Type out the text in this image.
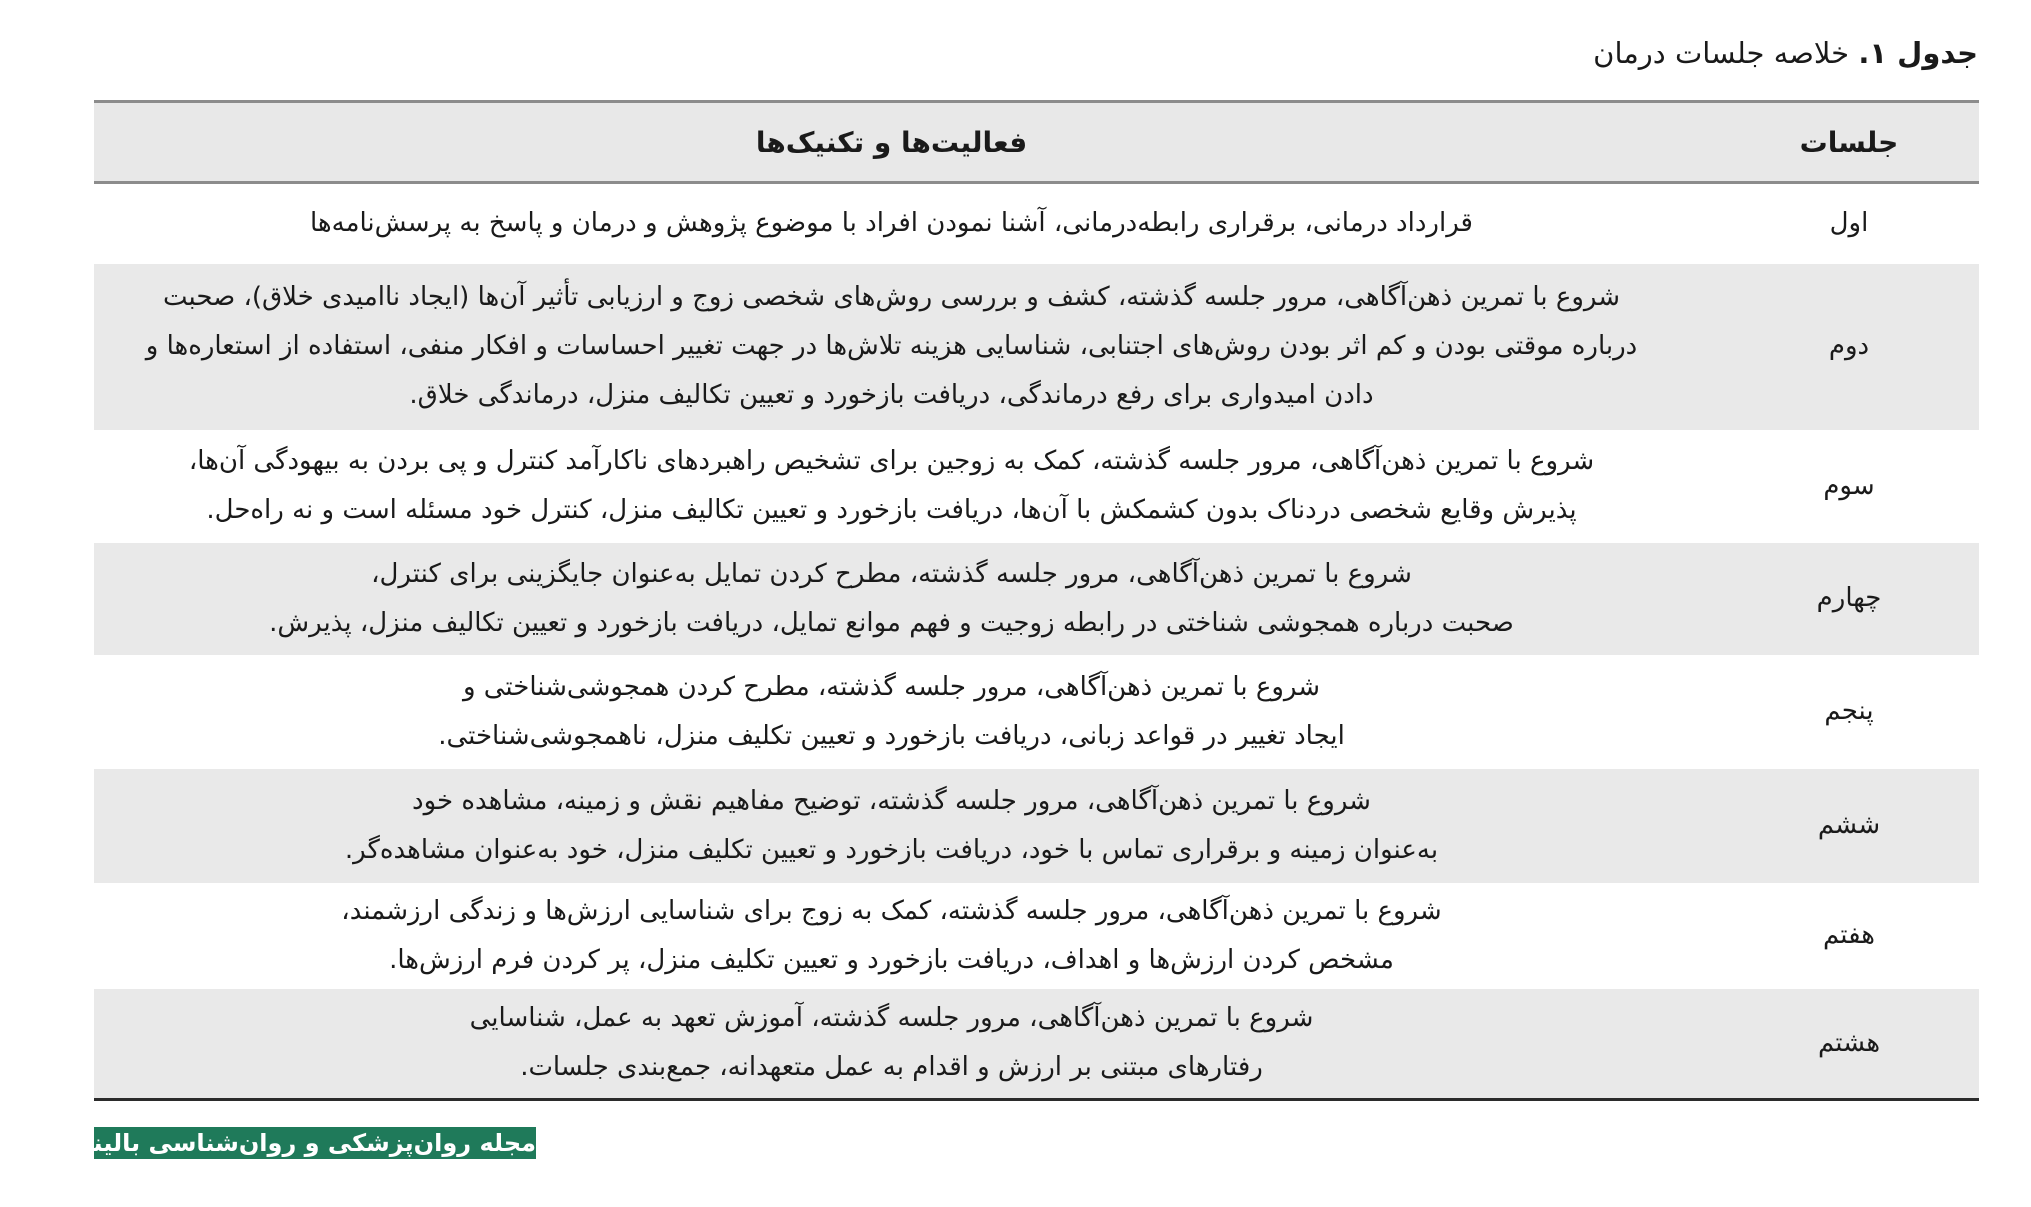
جدول ۱. خلاصه جلسات درمان
جلسات	فعالیت‌ها و تکنیک‌ها
اول	قرارداد درمانی، برقراری رابطه‌درمانی، آشنا نمودن افراد با موضوع پژوهش و درمان و پاسخ به پرسش‌نامه‌ها

دوم	شروع با تمرین ذهن‌آگاهی، مرور جلسه گذشته، کشف و بررسی روش‌های شخصی زوج و ارزیابی تأثیر آن‌ها (ایجاد ناامیدی خلاق)، صحبت
درباره موقتی بودن و کم اثر بودن روش‌های اجتنابی، شناسایی هزینه تلاش‌ها در جهت تغییر احساسات و افکار منفی، استفاده از استعاره‌ها و
دادن امیدواری برای رفع درماندگی، دریافت بازخورد و تعیین تکالیف منزل، درماندگی خلاق.

سوم	شروع با تمرین ذهن‌آگاهی، مرور جلسه گذشته، کمک به زوجین برای تشخیص راهبردهای ناکارآمد کنترل و پی بردن به بیهودگی آن‌ها،
پذیرش وقایع شخصی دردناک بدون کشمکش با آن‌ها، دریافت بازخورد و تعیین تکالیف منزل، کنترل خود مسئله است و نه راه‌حل.

چهارم	شروع با تمرین ذهن‌آگاهی، مرور جلسه گذشته، مطرح کردن تمایل به‌عنوان جایگزینی برای کنترل،
صحبت درباره همجوشی شناختی در رابطه زوجیت و فهم موانع تمایل، دریافت بازخورد و تعیین تکالیف منزل، پذیرش.

پنجم	شروع با تمرین ذهن‌آگاهی، مرور جلسه گذشته، مطرح کردن همجوشی‌شناختی و
ایجاد تغییر در قواعد زبانی، دریافت بازخورد و تعیین تکلیف منزل، ناهمجوشی‌شناختی.

ششم	شروع با تمرین ذهن‌آگاهی، مرور جلسه گذشته، توضیح مفاهیم نقش و زمینه، مشاهده خود
به‌عنوان زمینه و برقراری تماس با خود، دریافت بازخورد و تعیین تکلیف منزل، خود به‌عنوان مشاهده‌گر.

هفتم	شروع با تمرین ذهن‌آگاهی، مرور جلسه گذشته، کمک به زوج برای شناسایی ارزش‌ها و زندگی ارزشمند،
مشخص کردن ارزش‌ها و اهداف، دریافت بازخورد و تعیین تکلیف منزل، پر کردن فرم ارزش‌ها.

هشتم	شروع با تمرین ذهن‌آگاهی، مرور جلسه گذشته، آموزش تعهد به عمل، شناسایی
رفتارهای مبتنی بر ارزش و اقدام به عمل متعهدانه، جمع‌بندی جلسات.
مجله روان‌پزشکی و روان‌شناسی بالینی ایران
